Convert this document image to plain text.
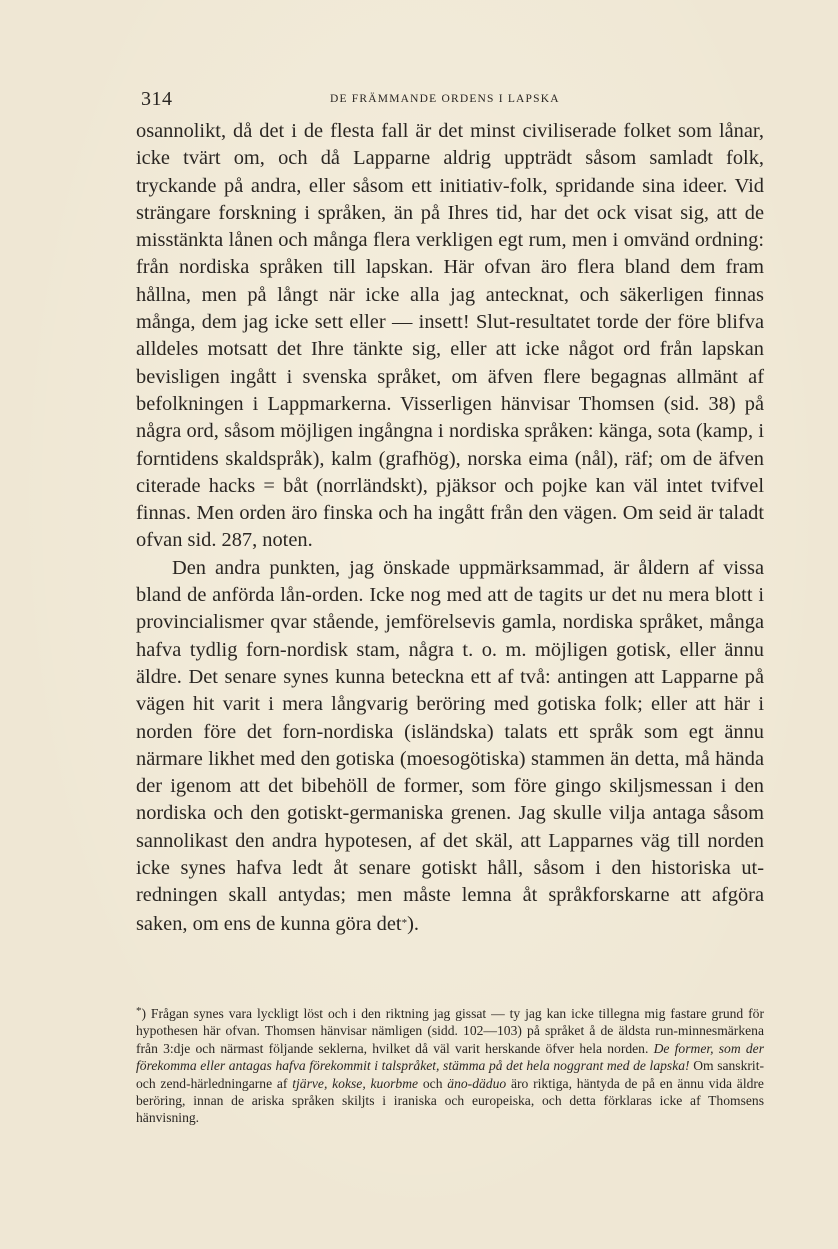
314	DE FRÄMMANDE ORDENS I LAPSKA

osannolikt, då det i de flesta fall är det minst civiliserade folket som lånar, icke tvärt om, och då Lapparne aldrig uppträdt såsom samladt folk, tryckande på andra, eller såsom ett initiativ-folk, spridande sina ideer. Vid strängare forskning i språken, än på Ihres tid, har det ock visat sig, att de misstänkta lånen och många flera verkligen egt rum, men i omvänd ordning: från nordiska språken till lapskan. Här ofvan äro flera bland dem fram hållna, men på långt när icke alla jag antecknat, och säkerligen finnas många, dem jag icke sett eller — insett! Slut-resultatet torde der före blifva alldeles motsatt det Ihre tänkte sig, eller att icke något ord från lapskan bevisligen ingått i svenska språket, om äfven flere begagnas allmänt af befolkningen i Lappmarkerna. Visserligen hänvisar Thomsen (sid. 38) på några ord, såsom möjligen ingångna i nordiska språken: känga, sota (kamp, i forntidens skaldspråk), kalm (grafhög), norska eima (nål), räf; om de äfven citerade hacks = båt (norrländskt), pjäksor och pojke kan väl intet tvifvel finnas. Men orden äro finska och ha ingått från den vägen. Om seid är taladt ofvan sid. 287, noten.

Den andra punkten, jag önskade uppmärksammad, är åldern af vissa bland de anförda lån-orden. Icke nog med att de tagits ur det nu mera blott i provincialismer qvar stående, jemförelsevis gamla, nordiska språket, många hafva tydlig forn-nordisk stam, några t. o. m. möjligen gotisk, eller ännu äldre. Det senare synes kunna beteckna ett af två: antingen att Lapparne på vägen hit varit i mera långvarig beröring med gotiska folk; eller att här i norden före det forn-nordiska (isländska) talats ett språk som egt ännu närmare likhet med den gotiska (moesogötiska) stammen än detta, må hända der igenom att det bibehöll de former, som före gingo skiljsmessan i den nordiska och den gotiskt-germaniska grenen. Jag skulle vilja antaga såsom sannolikast den andra hypotesen, af det skäl, att Lapparnes väg till norden icke synes hafva ledt åt senare gotiskt håll, såsom i den historiska utredningen skall antydas; men måste lemna åt språkforskarne att afgöra saken, om ens de kunna göra det*).

*) Frågan synes vara lyckligt löst och i den riktning jag gissat — ty jag kan icke tillegna mig fastare grund för hypothesen här ofvan. Thomsen hänvisar nämligen (sidd. 102—103) på språket å de äldsta run-minnesmärkena från 3:dje och närmast följande seklerna, hvilket då väl varit herskande öfver hela norden. De former, som der förekomma eller antagas hafva förekommit i talspråket, stämma på det hela noggrant med de lapska! Om sanskrit- och zend-härledningarne af tjärve, kokse, kuorbme och äno-däduo äro riktiga, häntyda de på en ännu vida äldre beröring, innan de ariska språken skiljts i iraniska och europeiska, och detta förklaras icke af Thomsens hänvisning.
